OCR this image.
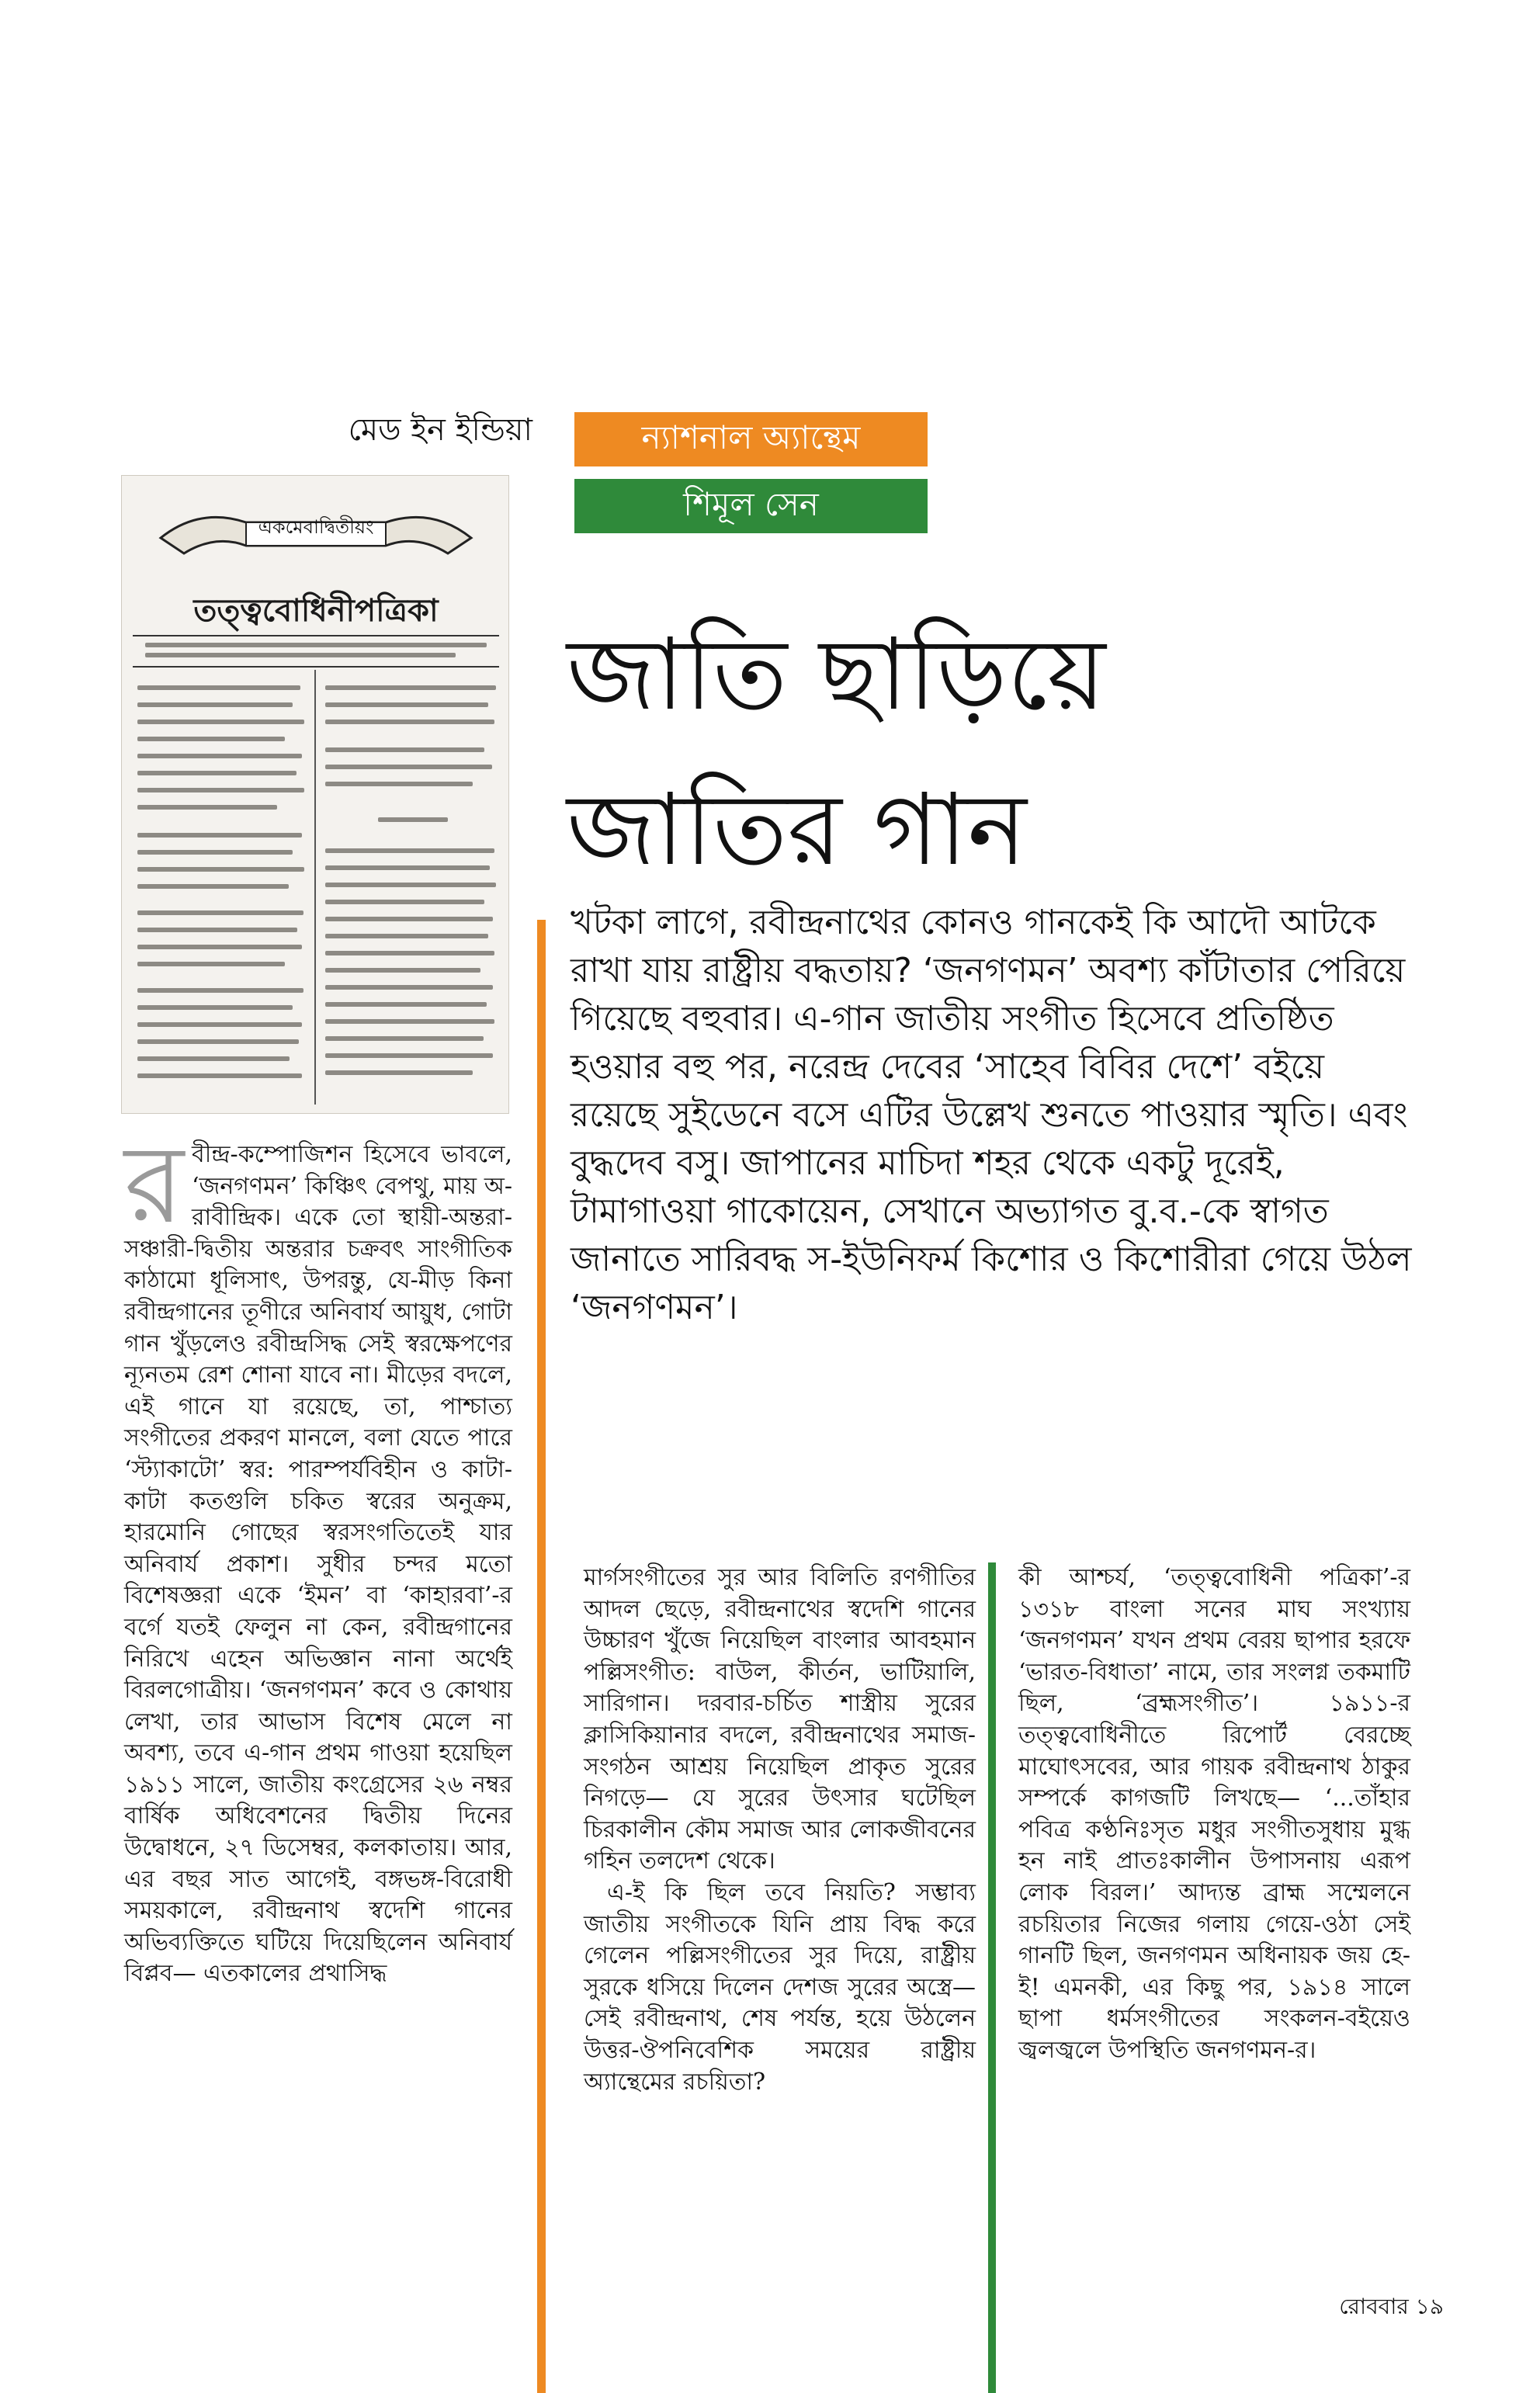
মেড ইন ইন্ডিয়া	ন্যাশনাল অ্যান্থেম
শিমূল সেন
জাতি ছাড়িয়ে
জাতির গান
খটকা লাগে, রবীন্দ্রনাথের কোনও গানকেই কি আদৌ আটকে রাখা যায় রাষ্ট্রীয় বদ্ধতায়? ‘জনগণমন’ অবশ্য কাঁটাতার পেরিয়ে গিয়েছে বহুবার। এ-গান জাতীয় সংগীত হিসেবে প্রতিষ্ঠিত হওয়ার বহু পর, নরেন্দ্র দেবের ‘সাহেব বিবির দেশে’ বইয়ে রয়েছে সুইডেনে বসে এটির উল্লেখ শুনতে পাওয়ার স্মৃতি। এবং বুদ্ধদেব বসু। জাপানের মাচিদা শহর থেকে একটু দূরেই, টামাগাওয়া গাকোয়েন, সেখানে অভ্যাগত বু.ব.-কে স্বাগত জানাতে সারিবদ্ধ স-ইউনিফর্ম কিশোর ও কিশোরীরা গেয়ে উঠল ‘জনগণমন’।
একমেবাদ্বিতীয়ং
তত্ত্ববোধিনীপত্রিকা

রবীন্দ্র-কম্পোজিশন হিসেবে ভাবলে, ‘জনগণমন’ কিঞ্চিৎ বেপথু, মায় অ-রাবীন্দ্রিক। একে তো স্থায়ী-অন্তরা-সঞ্চারী-দ্বিতীয় অন্তরার চক্রবৎ সাংগীতিক কাঠামো ধূলিসাৎ, উপরন্তু, যে-মীড় কিনা রবীন্দ্রগানের তূণীরে অনিবার্য আয়ুধ, গোটা গান খুঁড়লেও রবীন্দ্রসিদ্ধ সেই স্বরক্ষেপণের ন্যূনতম রেশ শোনা যাবে না। মীড়ের বদলে, এই গানে যা রয়েছে, তা, পাশ্চাত্য সংগীতের প্রকরণ মানলে, বলা যেতে পারে ‘স্ট্যাকাটো’ স্বর: পারম্পর্যবিহীন ও কাটা-কাটা কতগুলি চকিত স্বরের অনুক্রম, হারমোনি গোছের স্বরসংগতিতেই যার অনিবার্য প্রকাশ। সুধীর চন্দর মতো বিশেষজ্ঞরা একে ‘ইমন’ বা ‘কাহারবা’-র বর্গে যতই ফেলুন না কেন, রবীন্দ্রগানের নিরিখে এহেন অভিজ্ঞান নানা অর্থেই বিরলগোত্রীয়। ‘জনগণমন’ কবে ও কোথায় লেখা, তার আভাস বিশেষ মেলে না অবশ্য, তবে এ-গান প্রথম গাওয়া হয়েছিল ১৯১১ সালে, জাতীয় কংগ্রেসের ২৬ নম্বর বার্ষিক অধিবেশনের দ্বিতীয় দিনের উদ্বোধনে, ২৭ ডিসেম্বর, কলকাতায়। আর, এর বছর সাত আগেই, বঙ্গভঙ্গ-বিরোধী সময়কালে, রবীন্দ্রনাথ স্বদেশি গানের অভিব্যক্তিতে ঘটিয়ে দিয়েছিলেন অনিবার্য বিপ্লব— এতকালের প্রথাসিদ্ধ

মার্গসংগীতের সুর আর বিলিতি রণগীতির আদল ছেড়ে, রবীন্দ্রনাথের স্বদেশি গানের উচ্চারণ খুঁজে নিয়েছিল বাংলার আবহমান পল্লিসংগীত: বাউল, কীর্তন, ভাটিয়ালি, সারিগান। দরবার-চর্চিত শাস্ত্রীয় সুরের ক্লাসিকিয়ানার বদলে, রবীন্দ্রনাথের সমাজ-সংগঠন আশ্রয় নিয়েছিল প্রাকৃত সুরের নিগড়ে— যে সুরের উৎসার ঘটেছিল চিরকালীন কৌম সমাজ আর লোকজীবনের গহিন তলদেশ থেকে।

এ-ই কি ছিল তবে নিয়তি? সম্ভাব্য জাতীয় সংগীতকে যিনি প্রায় বিদ্ধ করে গেলেন পল্লিসংগীতের সুর দিয়ে, রাষ্ট্রীয় সুরকে ধসিয়ে দিলেন দেশজ সুরের অস্ত্রে— সেই রবীন্দ্রনাথ, শেষ পর্যন্ত, হয়ে উঠলেন উত্তর-ঔপনিবেশিক সময়ের রাষ্ট্রীয় অ্যান্থেমের রচয়িতা?

কী আশ্চর্য, ‘তত্ত্ববোধিনী পত্রিকা’-র ১৩১৮ বাংলা সনের মাঘ সংখ্যায় ‘জনগণমন’ যখন প্রথম বেরয় ছাপার হরফে ‘ভারত-বিধাতা’ নামে, তার সংলগ্ন তকমাটি ছিল, ‘ব্রহ্মসংগীত’। ১৯১১-র তত্ত্ববোধিনীতে রিপোর্ট বেরচ্ছে মাঘোৎসবের, আর গায়ক রবীন্দ্রনাথ ঠাকুর সম্পর্কে কাগজটি লিখছে— ‘...তাঁহার পবিত্র কণ্ঠনিঃসৃত মধুর সংগীতসুধায় মুগ্ধ হন নাই প্রাতঃকালীন উপাসনায় এরূপ লোক বিরল।’ আদ্যন্ত ব্রাহ্ম সম্মেলনে রচয়িতার নিজের গলায় গেয়ে-ওঠা সেই গানটি ছিল, জনগণমন অধিনায়ক জয় হে-ই! এমনকী, এর কিছু পর, ১৯১৪ সালে ছাপা ধর্মসংগীতের সংকলন-বইয়েও জ্বলজ্বলে উপস্থিতি জনগণমন-র।

রোববার ১৯
